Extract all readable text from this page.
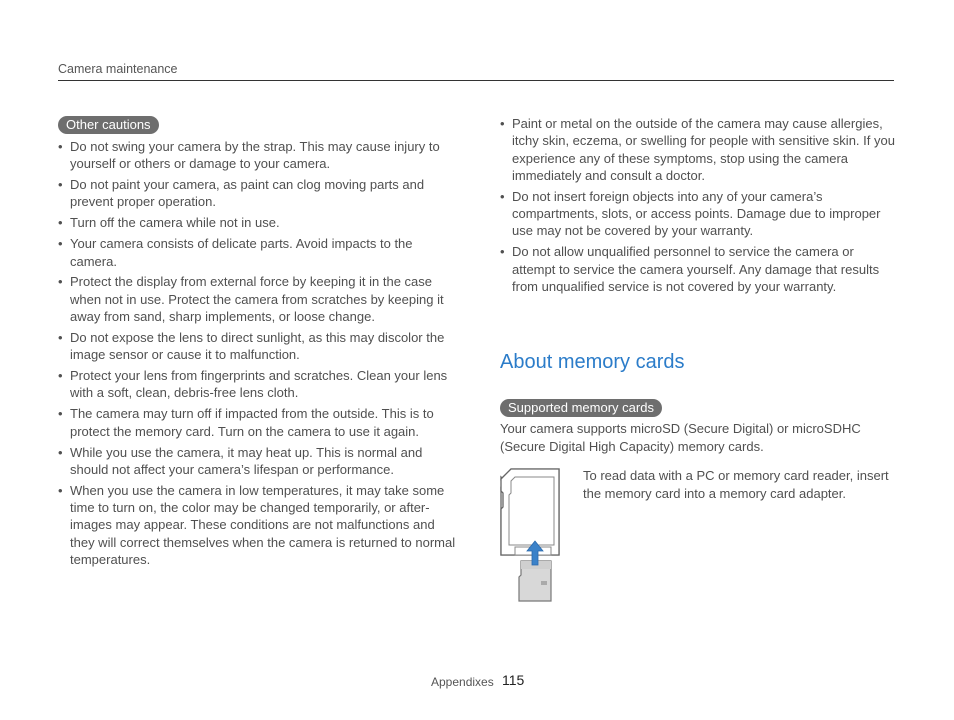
Camera maintenance
Other cautions
• Do not swing your camera by the strap. This may cause injury to yourself or others or damage to your camera.
• Do not paint your camera, as paint can clog moving parts and prevent proper operation.
• Turn off the camera while not in use.
• Your camera consists of delicate parts. Avoid impacts to the camera.
• Protect the display from external force by keeping it in the case when not in use. Protect the camera from scratches by keeping it away from sand, sharp implements, or loose change.
• Do not expose the lens to direct sunlight, as this may discolor the image sensor or cause it to malfunction.
• Protect your lens from fingerprints and scratches. Clean your lens with a soft, clean, debris-free lens cloth.
• The camera may turn off if impacted from the outside. This is to protect the memory card. Turn on the camera to use it again.
• While you use the camera, it may heat up. This is normal and should not affect your camera’s lifespan or performance.
• When you use the camera in low temperatures, it may take some time to turn on, the color may be changed temporarily, or after-images may appear. These conditions are not malfunctions and they will correct themselves when the camera is returned to normal temperatures.
• Paint or metal on the outside of the camera may cause allergies, itchy skin, eczema, or swelling for people with sensitive skin. If you experience any of these symptoms, stop using the camera immediately and consult a doctor.
• Do not insert foreign objects into any of your camera’s compartments, slots, or access points. Damage due to improper use may not be covered by your warranty.
• Do not allow unqualified personnel to service the camera or attempt to service the camera yourself. Any damage that results from unqualified service is not covered by your warranty.
About memory cards
Supported memory cards
Your camera supports microSD (Secure Digital) or microSDHC (Secure Digital High Capacity) memory cards.
To read data with a PC or memory card reader, insert the memory card into a memory card adapter.
Appendixes 115
